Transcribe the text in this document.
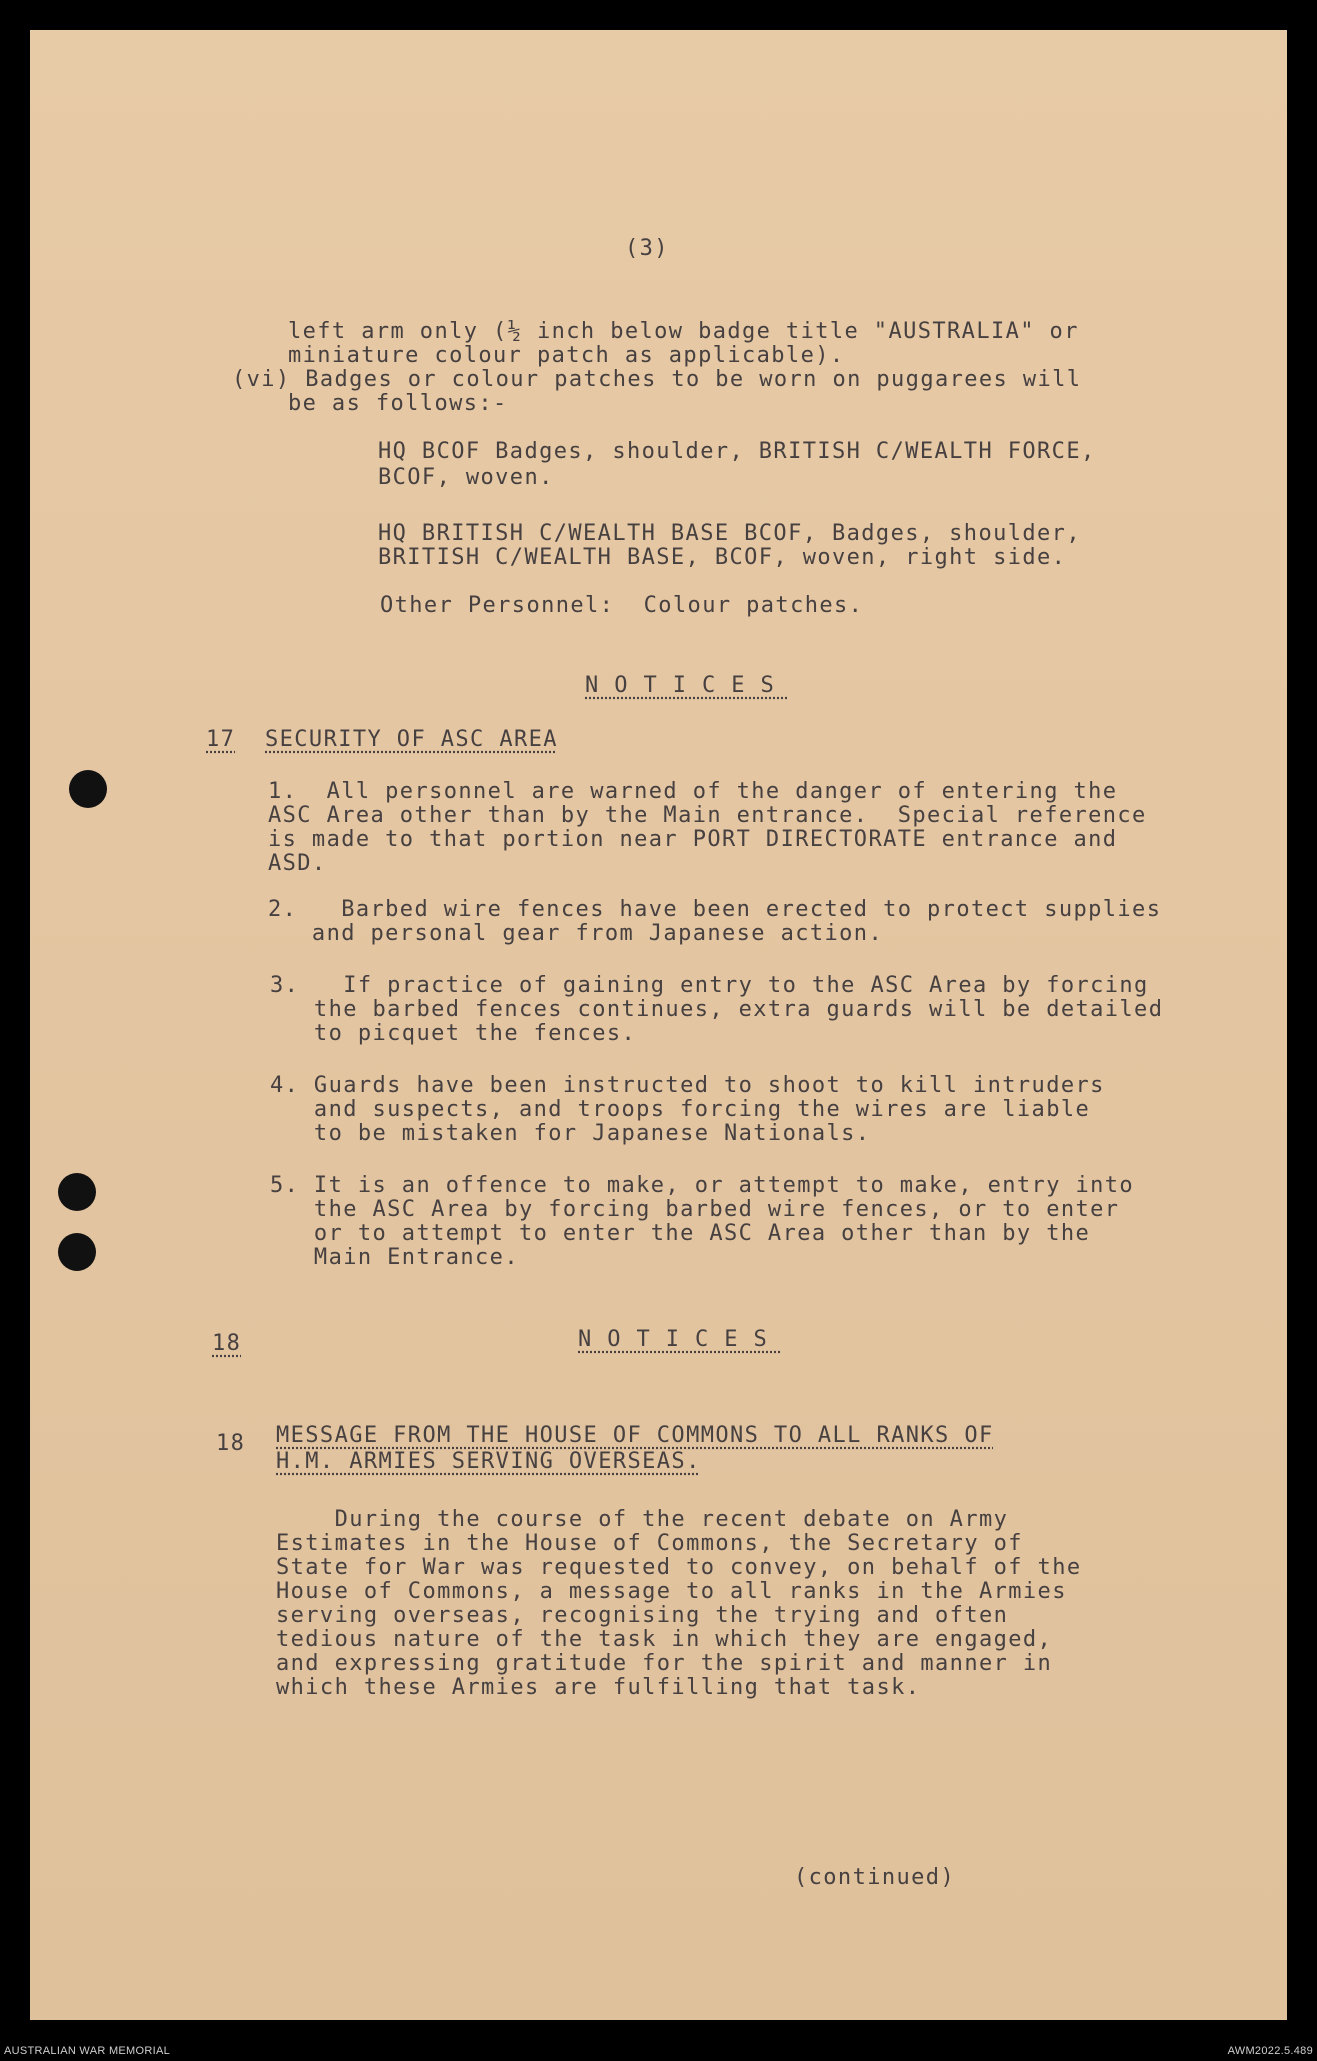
(3)
left arm only (½ inch below badge title "AUSTRALIA" or
miniature colour patch as applicable).
(vi) Badges or colour patches to be worn on puggarees will
be as follows:-
HQ BCOF Badges, shoulder, BRITISH C/WEALTH FORCE,
BCOF, woven.
HQ BRITISH C/WEALTH BASE BCOF, Badges, shoulder,
BRITISH C/WEALTH BASE, BCOF, woven, right side.
Other Personnel:  Colour patches.
NOTICES
17 SECURITY OF ASC AREA
1.  All personnel are warned of the danger of entering the
ASC Area other than by the Main entrance.  Special reference
is made to that portion near PORT DIRECTORATE entrance and
ASD.
2.   Barbed wire fences have been erected to protect supplies
and personal gear from Japanese action.
3.   If practice of gaining entry to the ASC Area by forcing
the barbed fences continues, extra guards will be detailed
to picquet the fences.
4. Guards have been instructed to shoot to kill intruders
and suspects, and troops forcing the wires are liable
to be mistaken for Japanese Nationals.
5. It is an offence to make, or attempt to make, entry into
the ASC Area by forcing barbed wire fences, or to enter
or to attempt to enter the ASC Area other than by the
Main Entrance.
18	NOTICES
18 MESSAGE FROM THE HOUSE OF COMMONS TO ALL RANKS OF
H.M. ARMIES SERVING OVERSEAS.
During the course of the recent debate on Army
Estimates in the House of Commons, the Secretary of
State for War was requested to convey, on behalf of the
House of Commons, a message to all ranks in the Armies
serving overseas, recognising the trying and often
tedious nature of the task in which they are engaged,
and expressing gratitude for the spirit and manner in
which these Armies are fulfilling that task.
(continued)
AUSTRALIAN WAR MEMORIAL	AWM2022.5.489
